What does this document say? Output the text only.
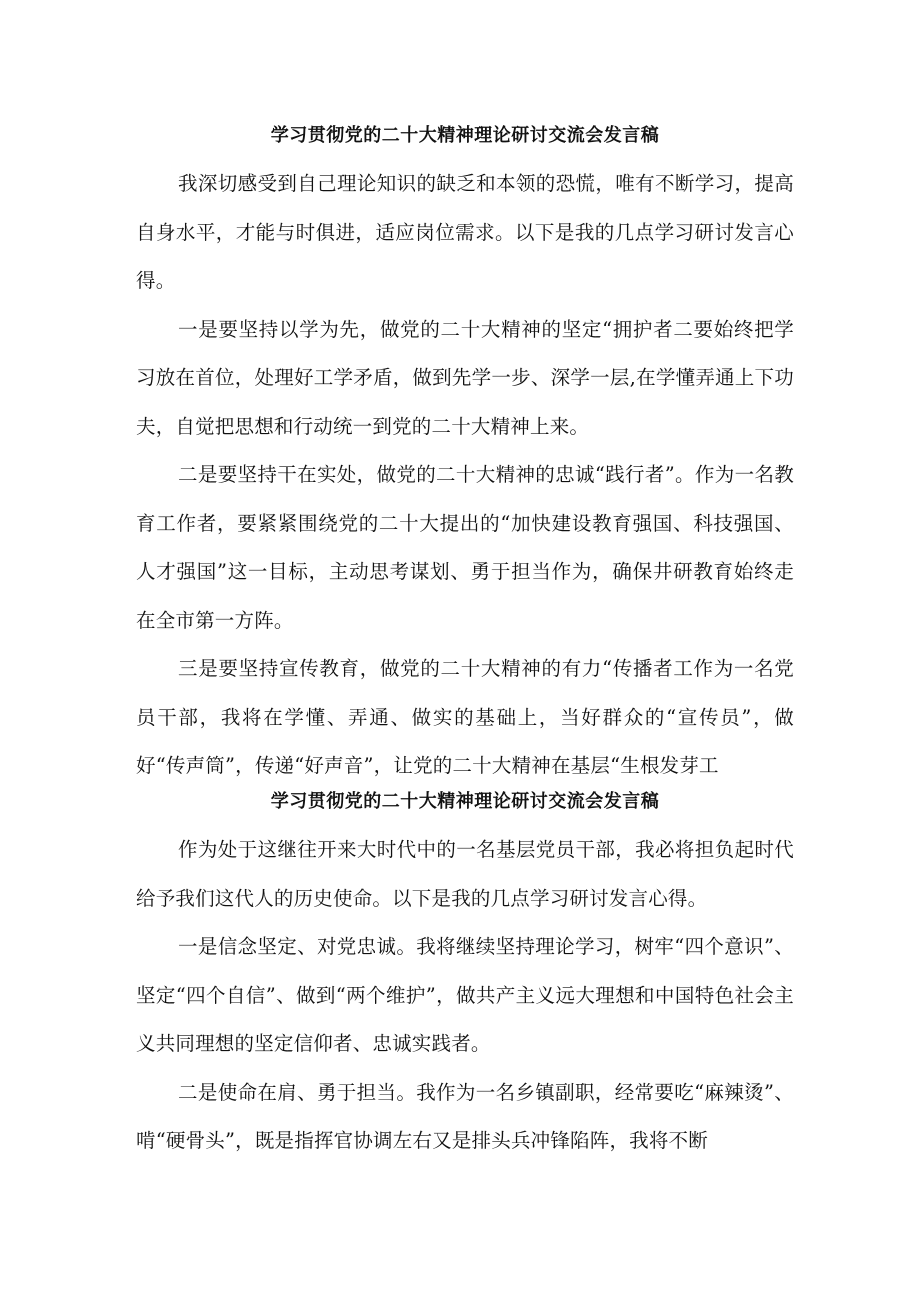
学习贯彻党的二十大精神理论研讨交流会发言稿

我深切感受到自己理论知识的缺乏和本领的恐慌，唯有不断学习，提高自身水平，才能与时俱进，适应岗位需求。以下是我的几点学习研讨发言心得。

一是要坚持以学为先，做党的二十大精神的坚定“拥护者二要始终把学习放在首位，处理好工学矛盾，做到先学一步、深学一层,在学懂弄通上下功夫，自觉把思想和行动统一到党的二十大精神上来。

二是要坚持干在实处，做党的二十大精神的忠诚“践行者”。作为一名教育工作者，要紧紧围绕党的二十大提出的“加快建设教育强国、科技强国、人才强国”这一目标，主动思考谋划、勇于担当作为，确保井研教育始终走在全市第一方阵。

三是要坚持宣传教育，做党的二十大精神的有力“传播者工作为一名党员干部，我将在学懂、弄通、做实的基础上，当好群众的“宣传员”，做好“传声筒”，传递“好声音”，让党的二十大精神在基层“生根发芽工

学习贯彻党的二十大精神理论研讨交流会发言稿

作为处于这继往开来大时代中的一名基层党员干部，我必将担负起时代给予我们这代人的历史使命。以下是我的几点学习研讨发言心得。

一是信念坚定、对党忠诚。我将继续坚持理论学习，树牢“四个意识”、坚定“四个自信”、做到“两个维护”，做共产主义远大理想和中国特色社会主义共同理想的坚定信仰者、忠诚实践者。

二是使命在肩、勇于担当。我作为一名乡镇副职，经常要吃“麻辣烫”、啃“硬骨头”，既是指挥官协调左右又是排头兵冲锋陷阵，我将不断
